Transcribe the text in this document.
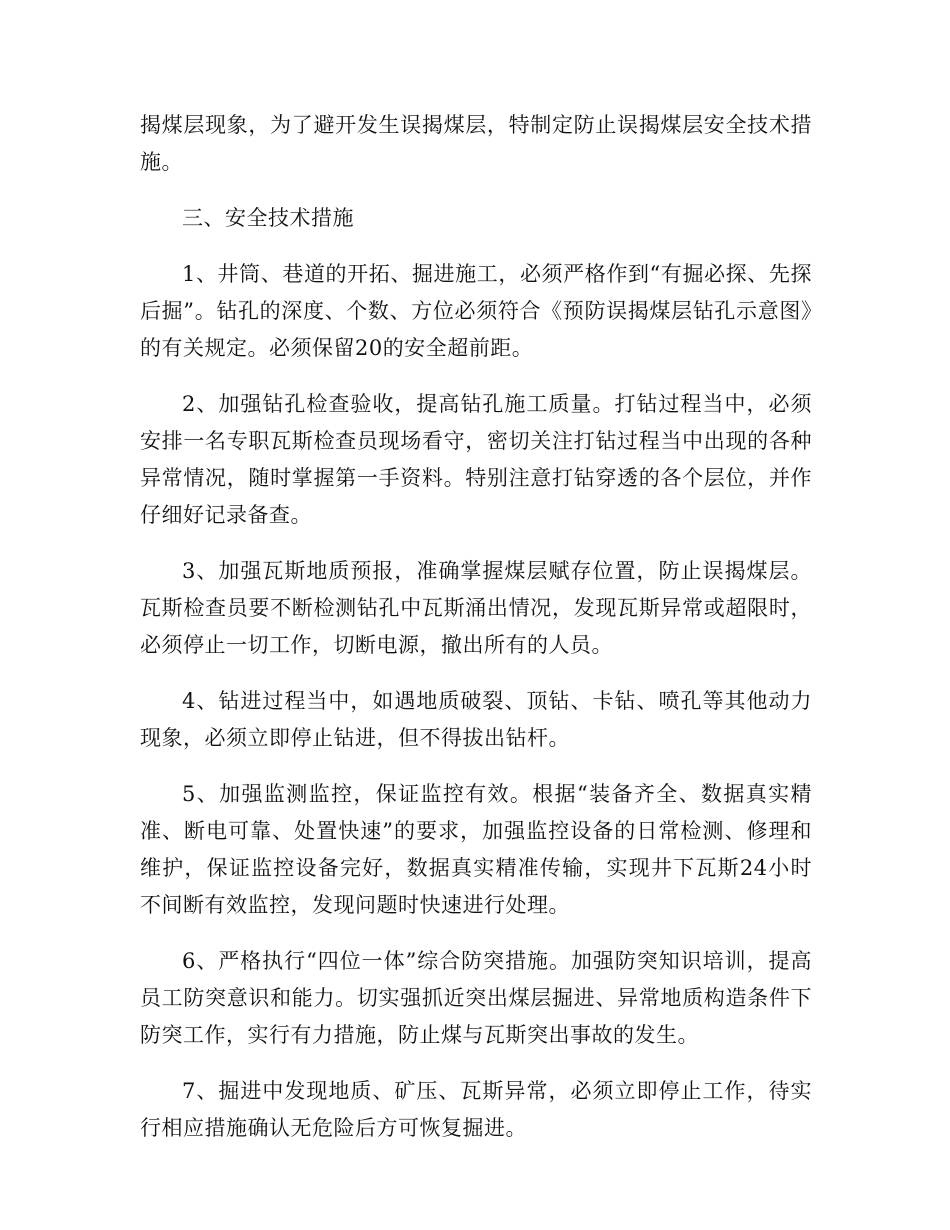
揭煤层现象，为了避开发生误揭煤层，特制定防止误揭煤层安全技术措施。

三、安全技术措施

1、井筒、巷道的开拓、掘进施工，必须严格作到“有掘必探、先探后掘”。钻孔的深度、个数、方位必须符合《预防误揭煤层钻孔示意图》的有关规定。必须保留20的安全超前距。

2、加强钻孔检查验收，提高钻孔施工质量。打钻过程当中，必须安排一名专职瓦斯检查员现场看守，密切关注打钻过程当中出现的各种异常情况，随时掌握第一手资料。特别注意打钻穿透的各个层位，并作仔细好记录备查。

3、加强瓦斯地质预报，准确掌握煤层赋存位置，防止误揭煤层。瓦斯检查员要不断检测钻孔中瓦斯涌出情况，发现瓦斯异常或超限时，必须停止一切工作，切断电源，撤出所有的人员。

4、钻进过程当中，如遇地质破裂、顶钻、卡钻、喷孔等其他动力现象，必须立即停止钻进，但不得拔出钻杆。

5、加强监测监控，保证监控有效。根据“装备齐全、数据真实精准、断电可靠、处置快速”的要求，加强监控设备的日常检测、修理和维护，保证监控设备完好，数据真实精准传输，实现井下瓦斯24小时不间断有效监控，发现问题时快速进行处理。

6、严格执行“四位一体”综合防突措施。加强防突知识培训，提高员工防突意识和能力。切实强抓近突出煤层掘进、异常地质构造条件下防突工作，实行有力措施，防止煤与瓦斯突出事故的发生。

7、掘进中发现地质、矿压、瓦斯异常，必须立即停止工作，待实行相应措施确认无危险后方可恢复掘进。
